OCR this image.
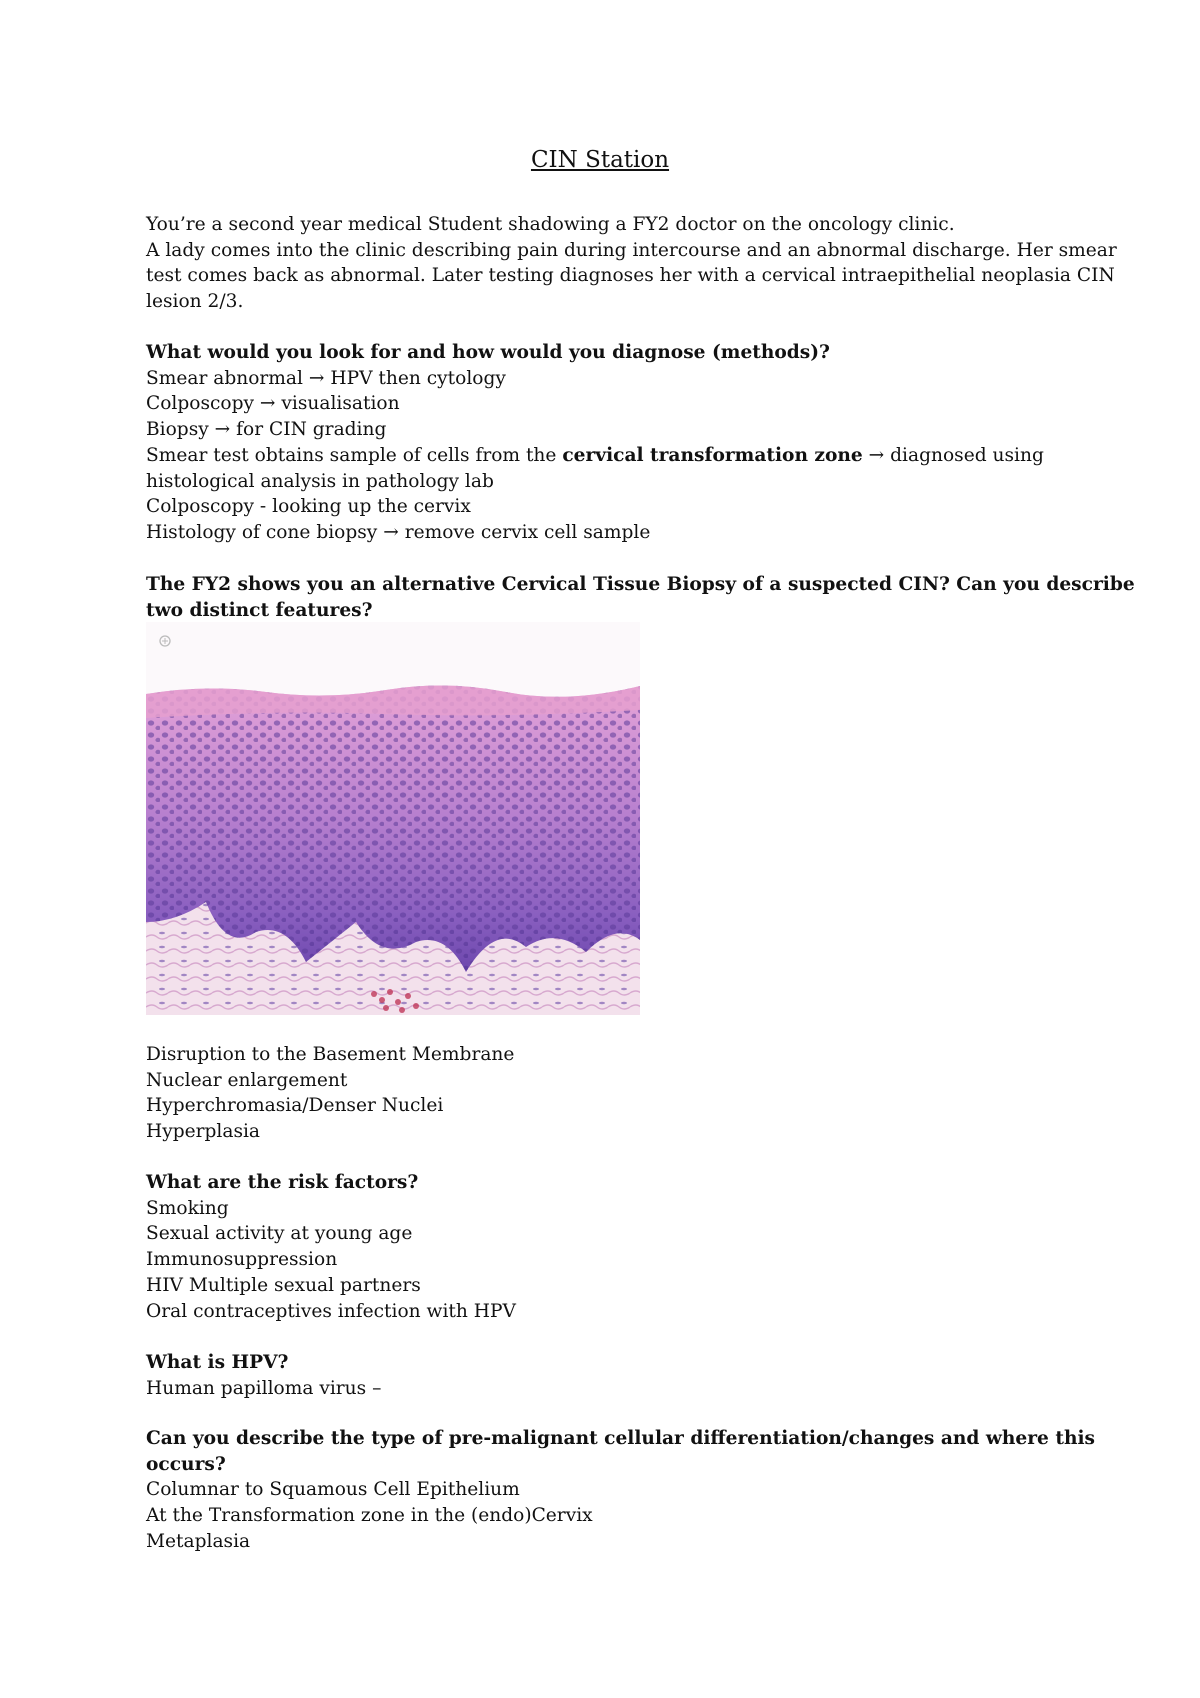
CIN Station
You’re a second year medical Student shadowing a FY2 doctor on the oncology clinic.
A lady comes into the clinic describing pain during intercourse and an abnormal discharge. Her smear
test comes back as abnormal. Later testing diagnoses her with a cervical intraepithelial neoplasia CIN
lesion 2/3.
What would you look for and how would you diagnose (methods)?
Smear abnormal → HPV then cytology
Colposcopy → visualisation
Biopsy → for CIN grading
Smear test obtains sample of cells from the cervical transformation zone → diagnosed using
histological analysis in pathology lab
Colposcopy - looking up the cervix
Histology of cone biopsy → remove cervix cell sample
The FY2 shows you an alternative Cervical Tissue Biopsy of a suspected CIN? Can you describe
two distinct features?
Disruption to the Basement Membrane
Nuclear enlargement
Hyperchromasia/Denser Nuclei
Hyperplasia
What are the risk factors?
Smoking
Sexual activity at young age
Immunosuppression
HIV Multiple sexual partners
Oral contraceptives infection with HPV
What is HPV?
Human papilloma virus –
Can you describe the type of pre-malignant cellular differentiation/changes and where this
occurs?
Columnar to Squamous Cell Epithelium
At the Transformation zone in the (endo)Cervix
Metaplasia
